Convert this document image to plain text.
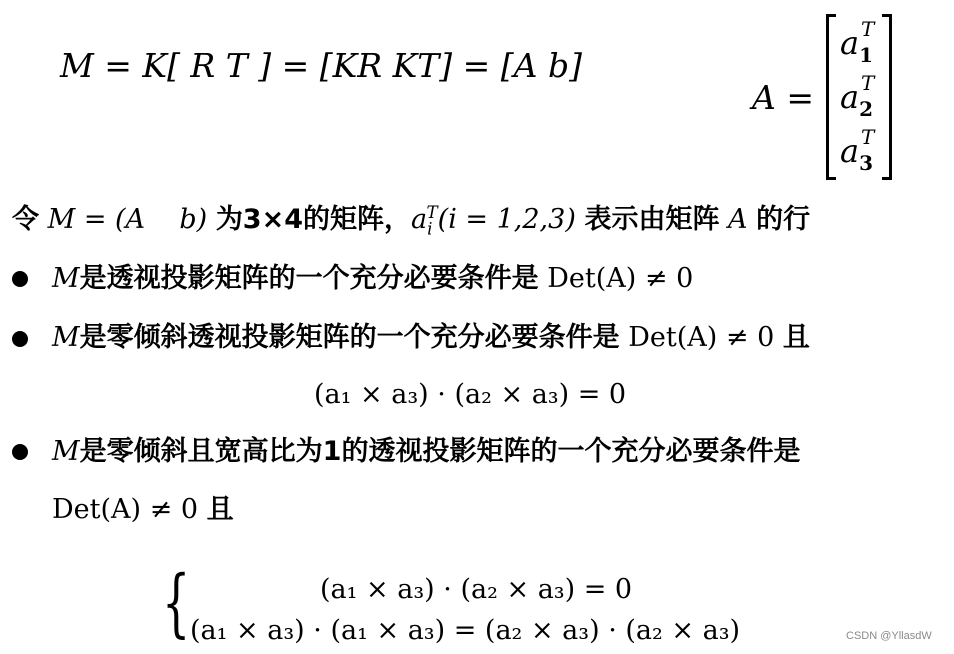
M = K[ R T ] = [KR KT] = [A b]
A =
$a_1^T$
$a_2^T$
$a_3^T$
令 M = (A    b) 为3×4的矩阵，$a_i^T(i = 1,2,3)$ 表示由矩阵 A 的行
M是透视投影矩阵的一个充分必要条件是 Det(A) ≠ 0
M是零倾斜透视投影矩阵的一个充分必要条件是 Det(A) ≠ 0 且
(a₁ × a₃) · (a₂ × a₃) = 0
M是零倾斜且宽高比为1的透视投影矩阵的一个充分必要条件是
Det(A) ≠ 0 且
{	(a₁ × a₃) · (a₂ × a₃) = 0
(a₁ × a₃) · (a₁ × a₃) = (a₂ × a₃) · (a₂ × a₃)	CSDN @YllasdW
